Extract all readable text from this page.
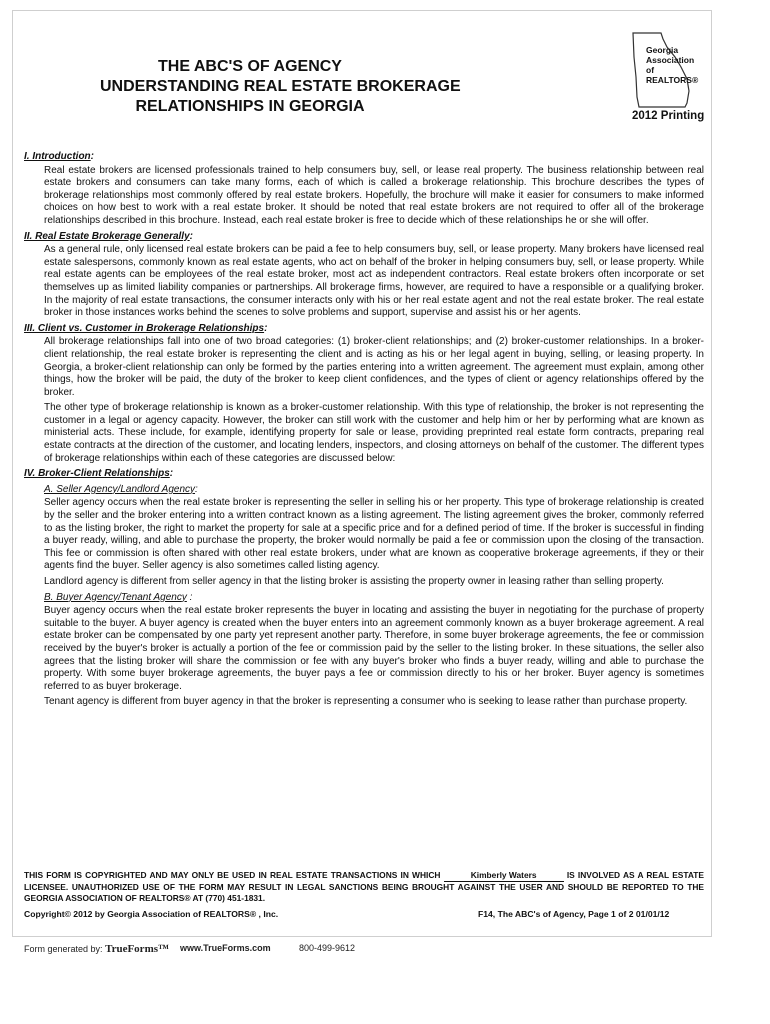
THE ABC'S OF AGENCY
UNDERSTANDING REAL ESTATE BROKERAGE
RELATIONSHIPS IN GEORGIA
Georgia
Association
of REALTORS®
2012 Printing
I. Introduction:
Real estate brokers are licensed professionals trained to help consumers buy, sell, or lease real property. The business relationship between real estate brokers and consumers can take many forms, each of which is called a brokerage relationship. This brochure describes the types of brokerage relationships most commonly offered by real estate brokers. Hopefully, the brochure will make it easier for consumers to make informed choices on how best to work with a real estate broker. It should be noted that real estate brokers are not required to offer all of the brokerage relationships described in this brochure. Instead, each real estate broker is free to decide which of these relationships he or she will offer.
II. Real Estate Brokerage Generally:
As a general rule, only licensed real estate brokers can be paid a fee to help consumers buy, sell, or lease property. Many brokers have licensed real estate salespersons, commonly known as real estate agents, who act on behalf of the broker in helping consumers buy, sell, or lease property. While real estate agents can be employees of the real estate broker, most act as independent contractors. Real estate brokers often incorporate or set themselves up as limited liability companies or partnerships. All brokerage firms, however, are required to have a responsible or a qualifying broker. In the majority of real estate transactions, the consumer interacts only with his or her real estate agent and not the real estate broker. The real estate broker in those instances works behind the scenes to solve problems and support, supervise and assist his or her agents.
III. Client vs. Customer in Brokerage Relationships:
All brokerage relationships fall into one of two broad categories: (1) broker-client relationships; and (2) broker-customer relationships. In a broker-client relationship, the real estate broker is representing the client and is acting as his or her legal agent in buying, selling, or leasing property. In Georgia, a broker-client relationship can only be formed by the parties entering into a written agreement. The agreement must explain, among other things, how the broker will be paid, the duty of the broker to keep client confidences, and the types of client or agency relationships offered by the broker.
The other type of brokerage relationship is known as a broker-customer relationship. With this type of relationship, the broker is not representing the customer in a legal or agency capacity. However, the broker can still work with the customer and help him or her by performing what are known as ministerial acts. These include, for example, identifying property for sale or lease, providing preprinted real estate form contracts, preparing real estate contracts at the direction of the customer, and locating lenders, inspectors, and closing attorneys on behalf of the customer. The different types of brokerage relationships within each of these categories are discussed below:
IV. Broker-Client Relationships:
A. Seller Agency/Landlord Agency:
Seller agency occurs when the real estate broker is representing the seller in selling his or her property. This type of brokerage relationship is created by the seller and the broker entering into a written contract known as a listing agreement. The listing agreement gives the broker, commonly referred to as the listing broker, the right to market the property for sale at a specific price and for a defined period of time. If the broker is successful in finding a buyer ready, willing, and able to purchase the property, the broker would normally be paid a fee or commission upon the closing of the transaction. This fee or commission is often shared with other real estate brokers, under what are known as cooperative brokerage agreements, if they or their agents find the buyer. Seller agency is also sometimes called listing agency.
Landlord agency is different from seller agency in that the listing broker is assisting the property owner in leasing rather than selling property.
B. Buyer Agency/Tenant Agency :
Buyer agency occurs when the real estate broker represents the buyer in locating and assisting the buyer in negotiating for the purchase of property suitable to the buyer. A buyer agency is created when the buyer enters into an agreement commonly known as a buyer brokerage agreement. A real estate broker can be compensated by one party yet represent another party. Therefore, in some buyer brokerage agreements, the fee or commission received by the buyer's broker is actually a portion of the fee or commission paid by the seller to the listing broker. In these situations, the seller also agrees that the listing broker will share the commission or fee with any buyer's broker who finds a buyer ready, willing and able to purchase the property. With some buyer brokerage agreements, the buyer pays a fee or commission directly to his or her broker. Buyer agency is sometimes referred to as buyer brokerage.
Tenant agency is different from buyer agency in that the broker is representing a consumer who is seeking to lease rather than purchase property.
THIS FORM IS COPYRIGHTED AND MAY ONLY BE USED IN REAL ESTATE TRANSACTIONS IN WHICH	Kimberly Waters	IS INVOLVED AS A REAL ESTATE LICENSEE. UNAUTHORIZED USE OF THE FORM MAY RESULT IN LEGAL SANCTIONS BEING BROUGHT AGAINST THE USER AND SHOULD BE REPORTED TO THE GEORGIA ASSOCIATION OF REALTORS® AT (770) 451-1831.
Copyright© 2012 by Georgia Association of REALTORS® , Inc.	F14, The ABC's of Agency, Page 1 of 2 01/01/12
Form generated by: TrueForms™ www.TrueForms.com	800-499-9612
